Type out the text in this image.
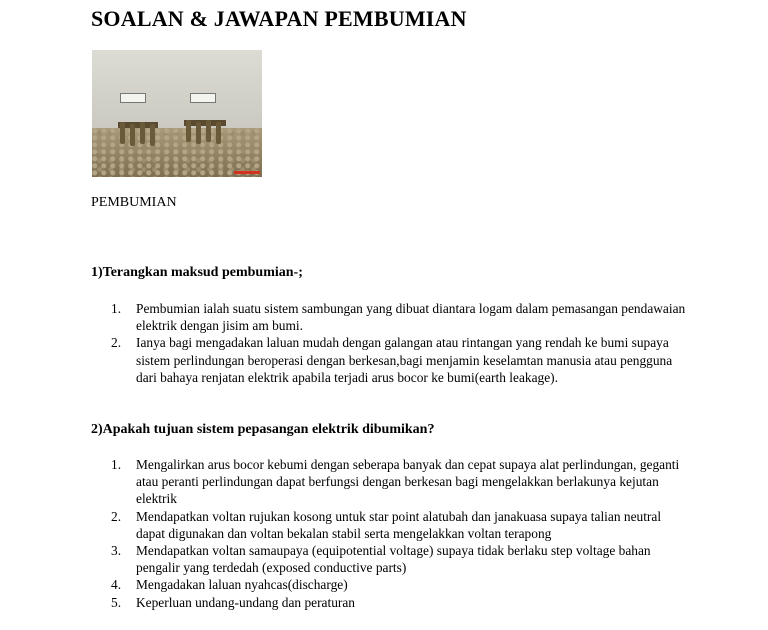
SOALAN & JAWAPAN PEMBUMIAN
PEMBUMIAN
1)Terangkan maksud pembumian-;
1. Pembumian ialah suatu sistem sambungan yang dibuat diantara logam dalam pemasangan pendawaian elektrik dengan jisim am bumi.
2. Ianya bagi mengadakan laluan mudah dengan galangan atau rintangan yang rendah ke bumi supaya sistem perlindungan beroperasi dengan berkesan,bagi menjamin keselamtan manusia atau pengguna dari bahaya renjatan elektrik apabila terjadi arus bocor ke bumi(earth leakage).
2)Apakah tujuan sistem pepasangan elektrik dibumikan?
1. Mengalirkan arus bocor kebumi dengan seberapa banyak dan cepat supaya alat perlindungan, geganti atau peranti perlindungan dapat berfungsi dengan berkesan bagi mengelakkan berlakunya kejutan elektrik
2. Mendapatkan voltan rujukan kosong untuk star point alatubah dan janakuasa supaya talian neutral dapat digunakan dan voltan bekalan stabil serta mengelakkan voltan terapong
3. Mendapatkan voltan samaupaya (equipotential voltage) supaya tidak berlaku step voltage bahan pengalir yang terdedah (exposed conductive parts)
4. Mengadakan laluan nyahcas(discharge)
5. Keperluan undang-undang dan peraturan
